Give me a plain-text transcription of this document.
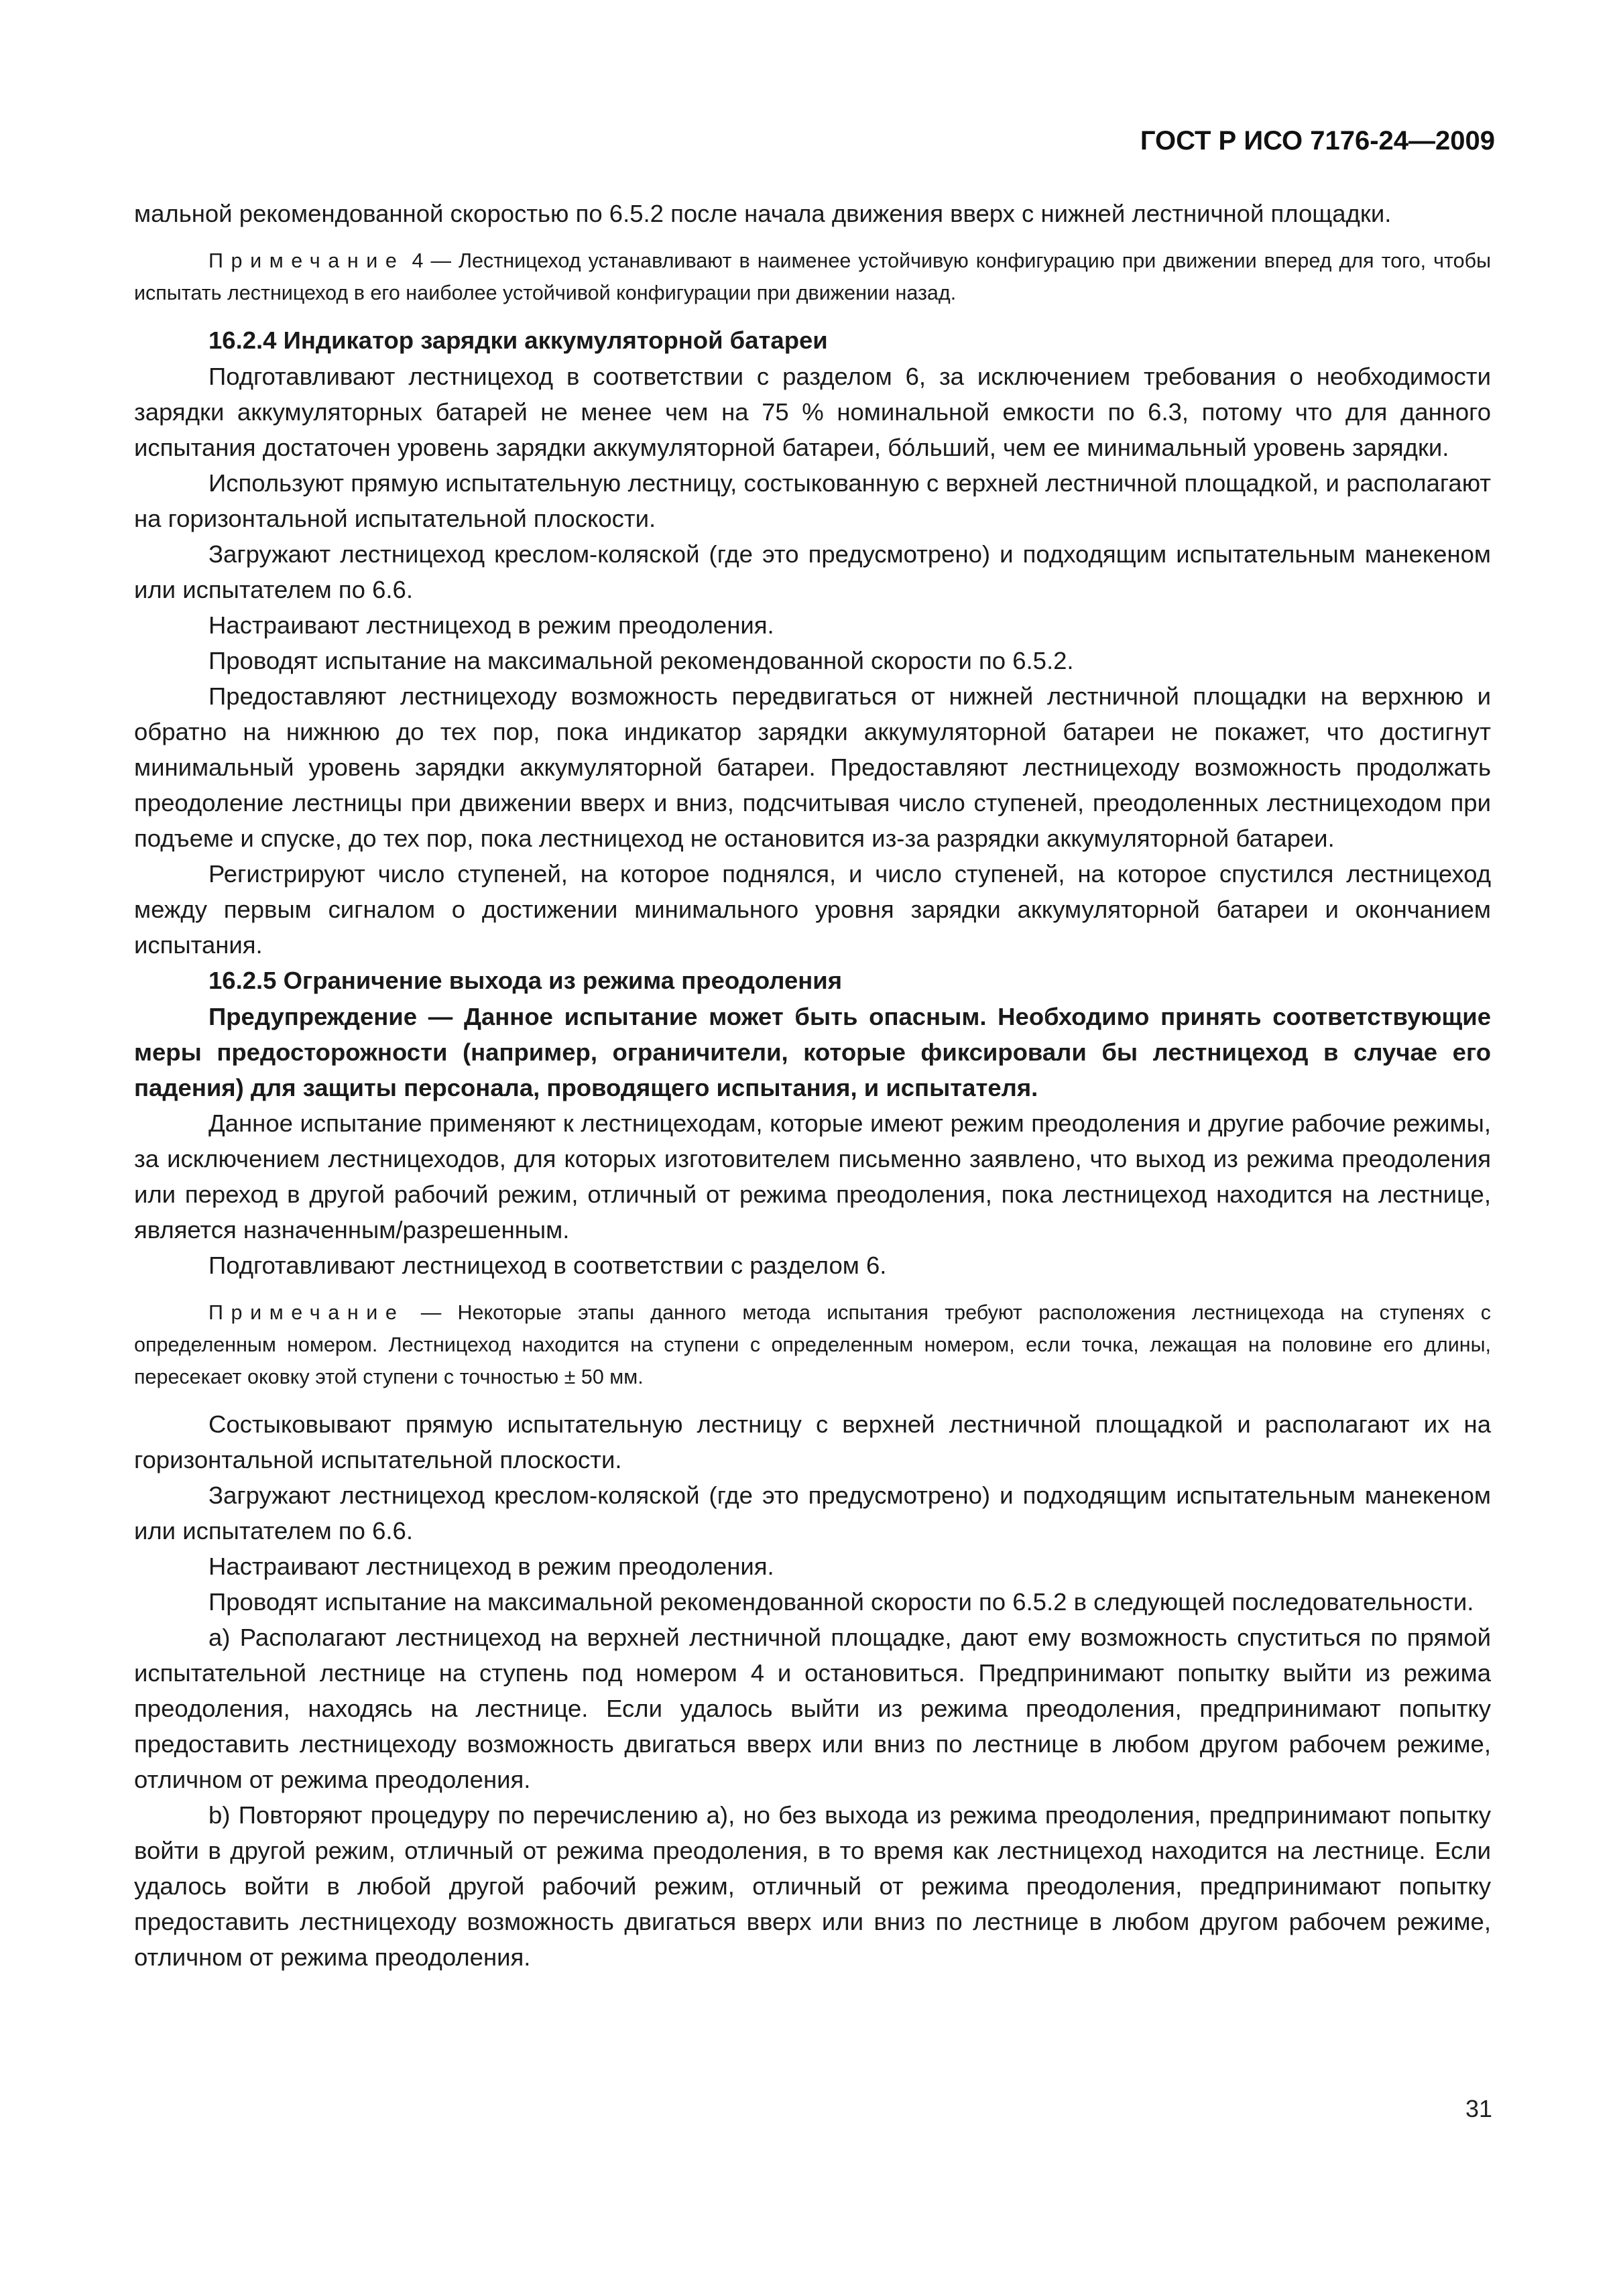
ГОСТ Р ИСО 7176-24—2009

мальной рекомендованной скоростью по 6.5.2 после начала движения вверх с нижней лестничной площадки.

Примечание 4 — Лестницеход устанавливают в наименее устойчивую конфигурацию при движении вперед для того, чтобы испытать лестницеход в его наиболее устойчивой конфигурации при движении назад.

16.2.4 Индикатор зарядки аккумуляторной батареи

Подготавливают лестницеход в соответствии с разделом 6, за исключением требования о необходимости зарядки аккумуляторных батарей не менее чем на 75 % номинальной емкости по 6.3, потому что для данного испытания достаточен уровень зарядки аккумуляторной батареи, бо́льший, чем ее минимальный уровень зарядки.

Используют прямую испытательную лестницу, состыкованную с верхней лестничной площадкой, и располагают на горизонтальной испытательной плоскости.

Загружают лестницеход креслом-коляской (где это предусмотрено) и подходящим испытательным манекеном или испытателем по 6.6.

Настраивают лестницеход в режим преодоления.

Проводят испытание на максимальной рекомендованной скорости по 6.5.2.

Предоставляют лестницеходу возможность передвигаться от нижней лестничной площадки на верхнюю и обратно на нижнюю до тех пор, пока индикатор зарядки аккумуляторной батареи не покажет, что достигнут минимальный уровень зарядки аккумуляторной батареи. Предоставляют лестницеходу возможность продолжать преодоление лестницы при движении вверх и вниз, подсчитывая число ступеней, преодоленных лестницеходом при подъеме и спуске, до тех пор, пока лестницеход не остановится из-за разрядки аккумуляторной батареи.

Регистрируют число ступеней, на которое поднялся, и число ступеней, на которое спустился лестницеход между первым сигналом о достижении минимального уровня зарядки аккумуляторной батареи и окончанием испытания.

16.2.5 Ограничение выхода из режима преодоления

Предупреждение — Данное испытание может быть опасным. Необходимо принять соответствующие меры предосторожности (например, ограничители, которые фиксировали бы лестницеход в случае его падения) для защиты персонала, проводящего испытания, и испытателя.

Данное испытание применяют к лестницеходам, которые имеют режим преодоления и другие рабочие режимы, за исключением лестницеходов, для которых изготовителем письменно заявлено, что выход из режима преодоления или переход в другой рабочий режим, отличный от режима преодоления, пока лестницеход находится на лестнице, является назначенным/разрешенным.

Подготавливают лестницеход в соответствии с разделом 6.

Примечание — Некоторые этапы данного метода испытания требуют расположения лестницехода на ступенях с определенным номером. Лестницеход находится на ступени с определенным номером, если точка, лежащая на половине его длины, пересекает оковку этой ступени с точностью ± 50 мм.

Состыковывают прямую испытательную лестницу с верхней лестничной площадкой и располагают их на горизонтальной испытательной плоскости.

Загружают лестницеход креслом-коляской (где это предусмотрено) и подходящим испытательным манекеном или испытателем по 6.6.

Настраивают лестницеход в режим преодоления.

Проводят испытание на максимальной рекомендованной скорости по 6.5.2 в следующей последовательности.

а) Располагают лестницеход на верхней лестничной площадке, дают ему возможность спуститься по прямой испытательной лестнице на ступень под номером 4 и остановиться. Предпринимают попытку выйти из режима преодоления, находясь на лестнице. Если удалось выйти из режима преодоления, предпринимают попытку предоставить лестницеходу возможность двигаться вверх или вниз по лестнице в любом другом рабочем режиме, отличном от режима преодоления.

b) Повторяют процедуру по перечислению а), но без выхода из режима преодоления, предпринимают попытку войти в другой режим, отличный от режима преодоления, в то время как лестницеход находится на лестнице. Если удалось войти в любой другой рабочий режим, отличный от режима преодоления, предпринимают попытку предоставить лестницеходу возможность двигаться вверх или вниз по лестнице в любом другом рабочем режиме, отличном от режима преодоления.

31
